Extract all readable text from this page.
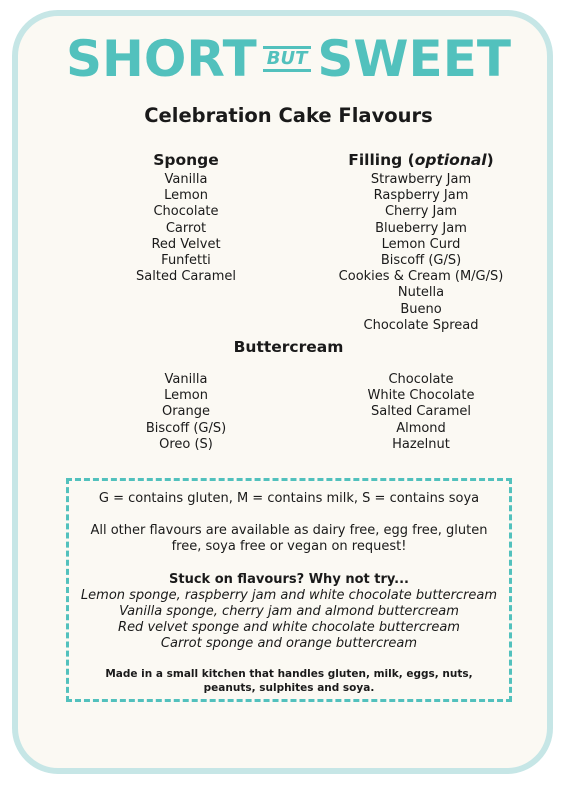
SHORT BUT SWEET
Celebration Cake Flavours
Sponge
Vanilla
Lemon
Chocolate
Carrot
Red Velvet
Funfetti
Salted Caramel
Filling (optional)
Strawberry Jam
Raspberry Jam
Cherry Jam
Blueberry Jam
Lemon Curd
Biscoff (G/S)
Cookies & Cream (M/G/S)
Nutella
Bueno
Chocolate Spread
Buttercream
Vanilla
Lemon
Orange
Biscoff (G/S)
Oreo (S)
Chocolate
White Chocolate
Salted Caramel
Almond
Hazelnut

G = contains gluten, M = contains milk, S = contains soya

All other flavours are available as dairy free, egg free, gluten free, soya free or vegan on request!

Stuck on flavours? Why not try...

Lemon sponge, raspberry jam and white chocolate buttercream
Vanilla sponge, cherry jam and almond buttercream
Red velvet sponge and white chocolate buttercream
Carrot sponge and orange buttercream

Made in a small kitchen that handles gluten, milk, eggs, nuts, peanuts, sulphites and soya.
